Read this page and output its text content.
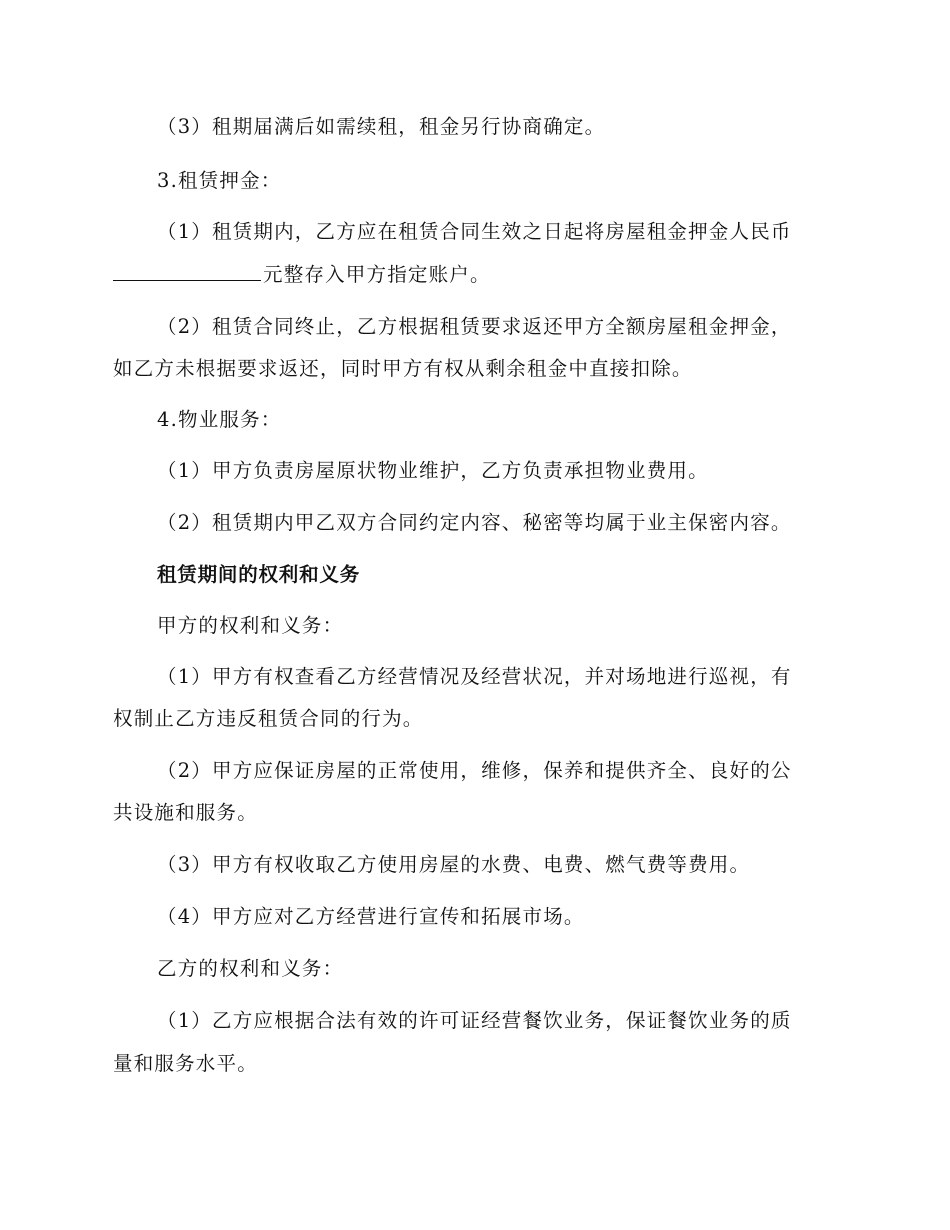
（3）租期届满后如需续租，租金另行协商确定。
3.租赁押金：
（1）租赁期内，乙方应在租赁合同生效之日起将房屋租金押金人民币
元整存入甲方指定账户。
（2）租赁合同终止，乙方根据租赁要求返还甲方全额房屋租金押金，
如乙方未根据要求返还，同时甲方有权从剩余租金中直接扣除。
4.物业服务：
（1）甲方负责房屋原状物业维护，乙方负责承担物业费用。
（2）租赁期内甲乙双方合同约定内容、秘密等均属于业主保密内容。
租赁期间的权利和义务
甲方的权利和义务：
（1）甲方有权查看乙方经营情况及经营状况，并对场地进行巡视，有
权制止乙方违反租赁合同的行为。
（2）甲方应保证房屋的正常使用，维修，保养和提供齐全、良好的公
共设施和服务。
（3）甲方有权收取乙方使用房屋的水费、电费、燃气费等费用。
（4）甲方应对乙方经营进行宣传和拓展市场。
乙方的权利和义务：
（1）乙方应根据合法有效的许可证经营餐饮业务，保证餐饮业务的质
量和服务水平。
